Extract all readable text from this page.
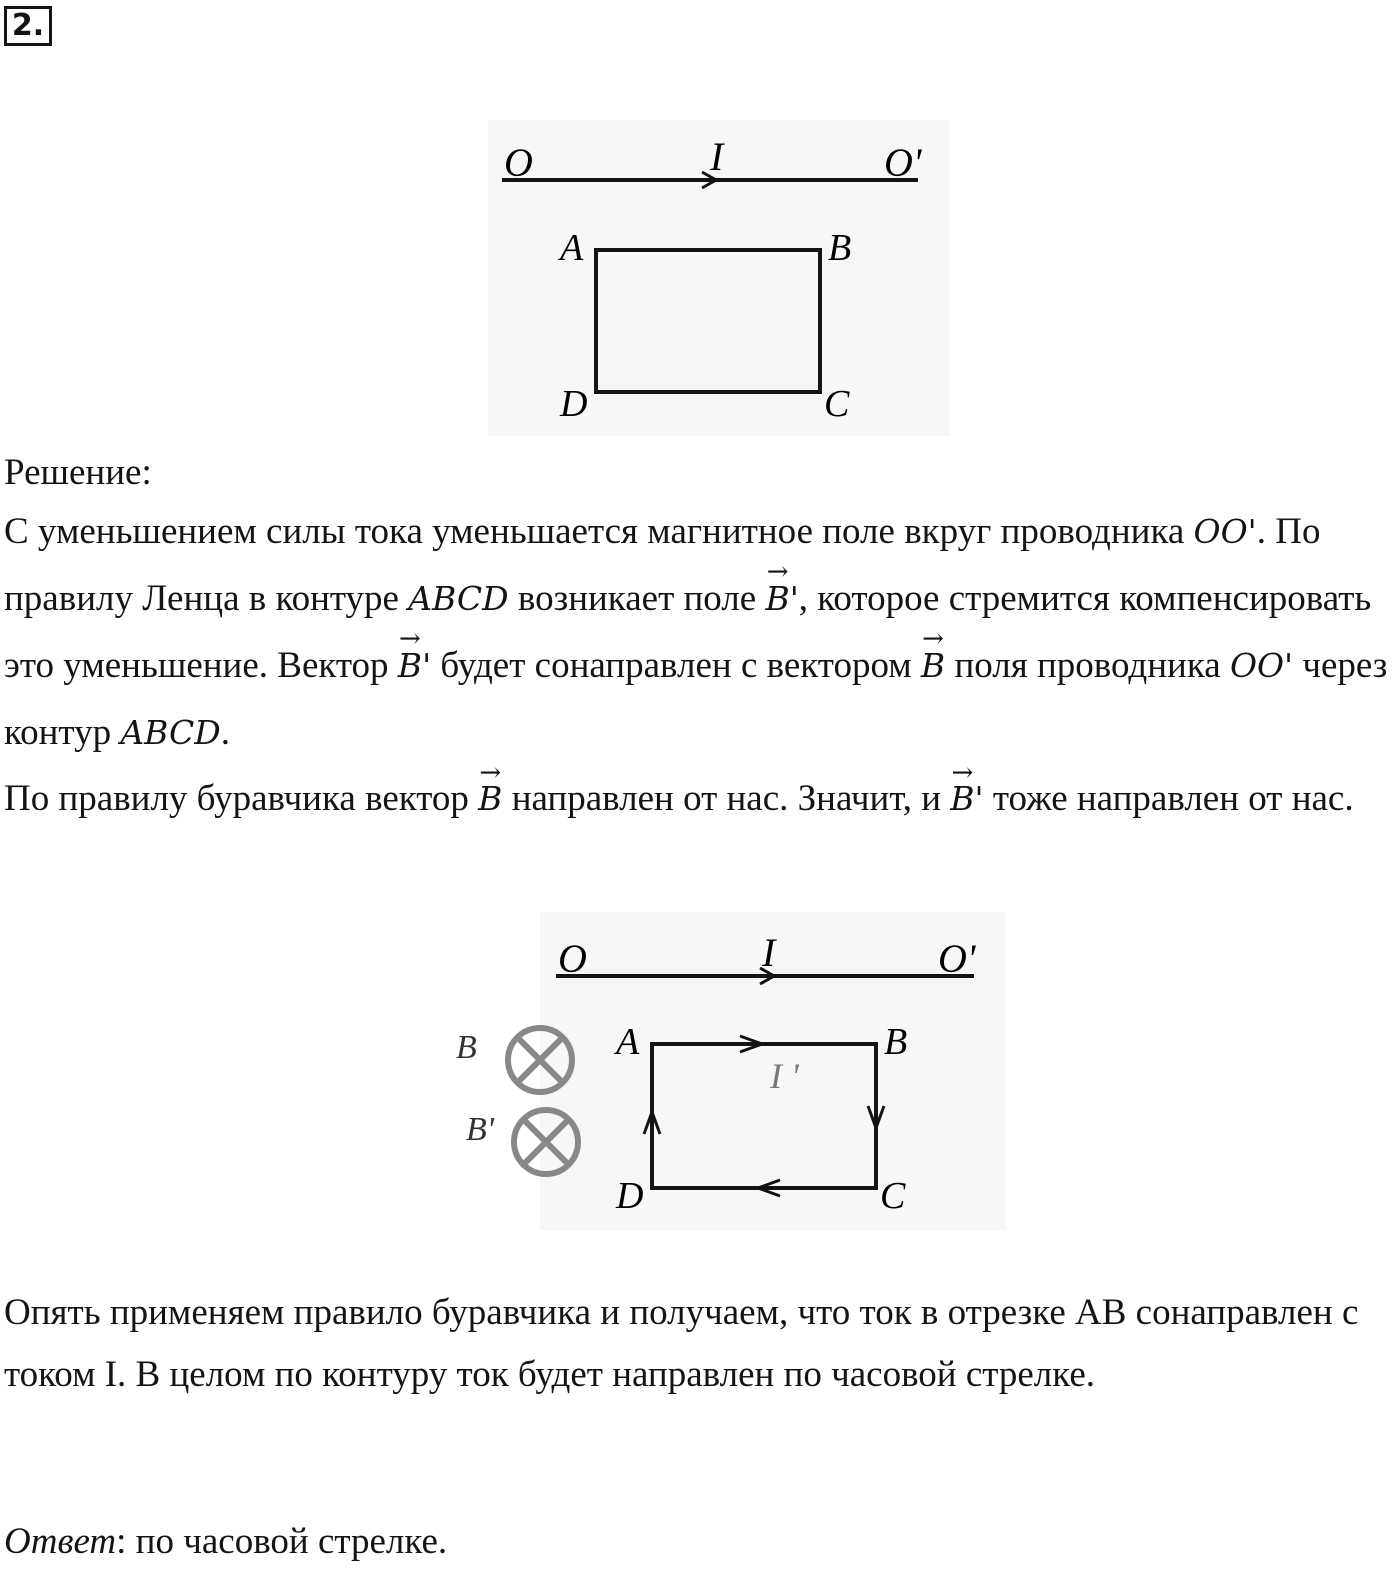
2.
O	I	O'
A	B
D	C
Решение:

С уменьшением силы тока уменьшается магнитное поле вкруг проводника OO'. По правилу Ленца в контуре ABCD возникает поле → B', которое стремится компенсировать это уменьшение. Вектор → B' будет сонаправлен с вектором → B поля проводника OO' через контур ABCD.

По правилу буравчика вектор → B направлен от нас. Значит, и → B' тоже направлен от нас.

O	I	O'
A	B
D	C
I '
B
B'

Опять применяем правило буравчика и получаем, что ток в отрезке AB сонаправлен с током I. В целом по контуру ток будет направлен по часовой стрелке.

Ответ: по часовой стрелке.
